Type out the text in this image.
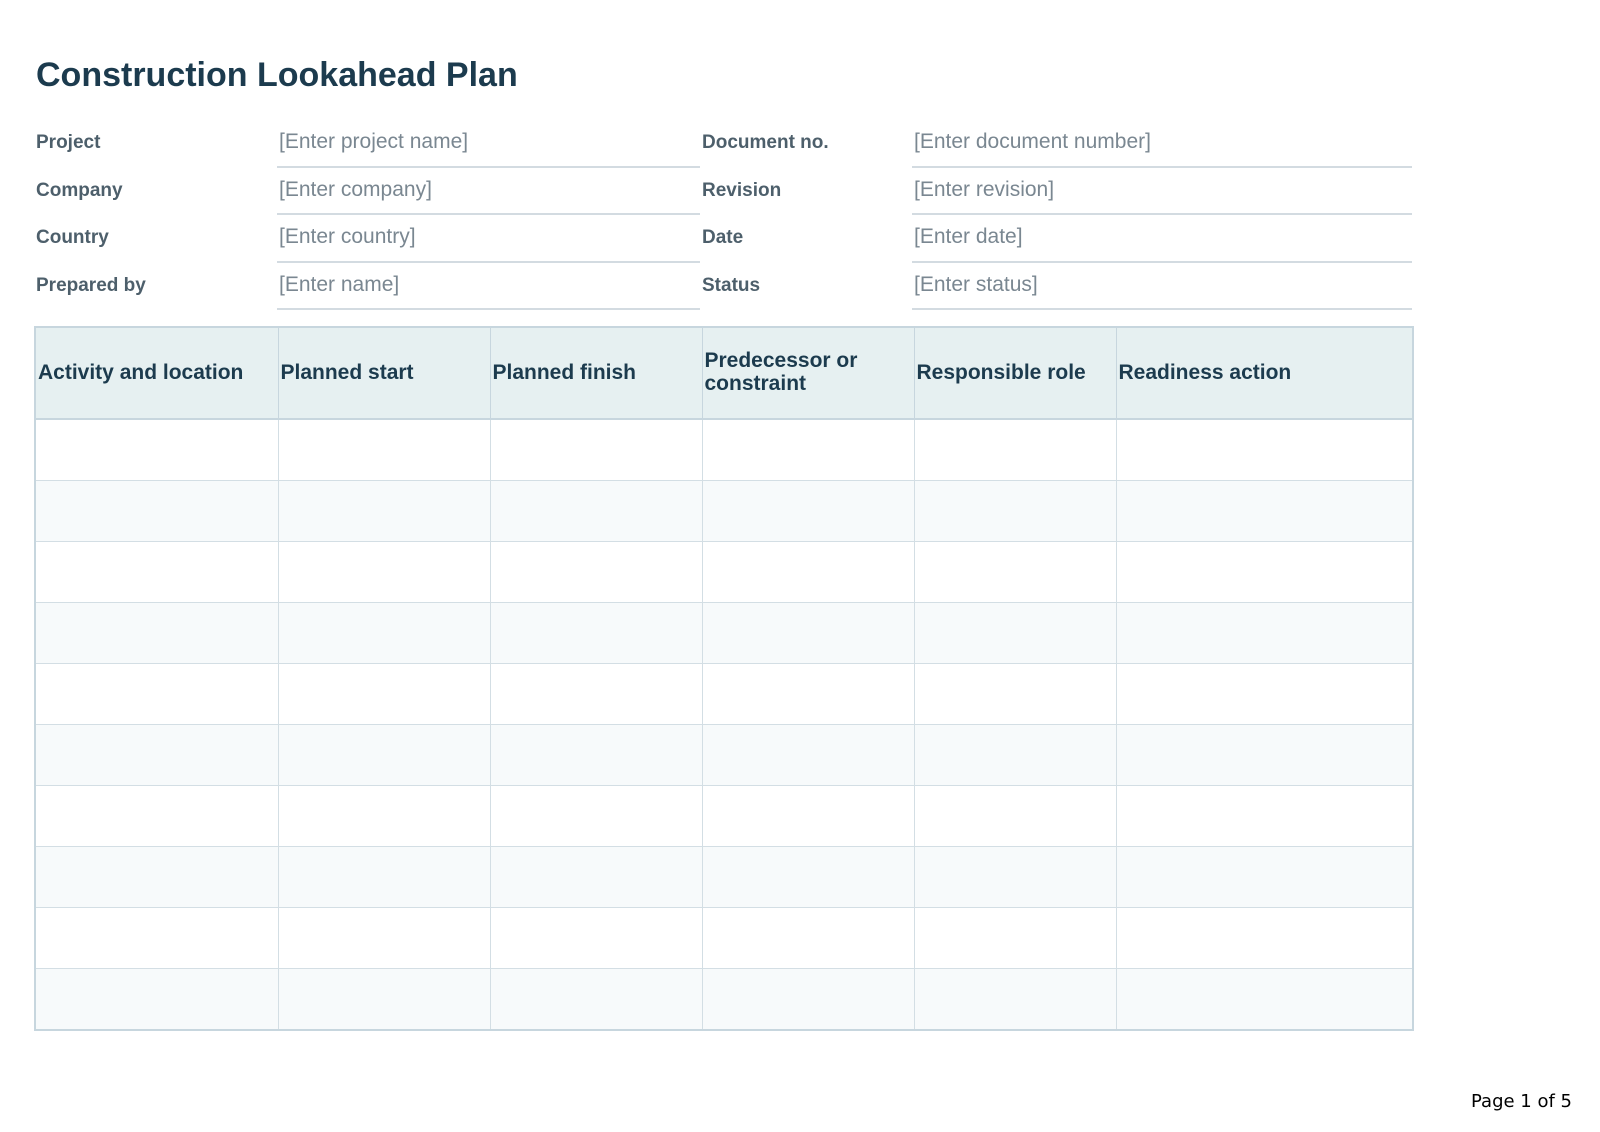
Construction Lookahead Plan
Project	[Enter project name]	Document no.	[Enter document number]
Company	[Enter company]	Revision	[Enter revision]
Country	[Enter country]	Date	[Enter date]
Prepared by	[Enter name]	Status	[Enter status]
Activity and location	Planned start	Planned finish	Predecessor or constraint	Responsible role	Readiness action

Page 1 of 5
